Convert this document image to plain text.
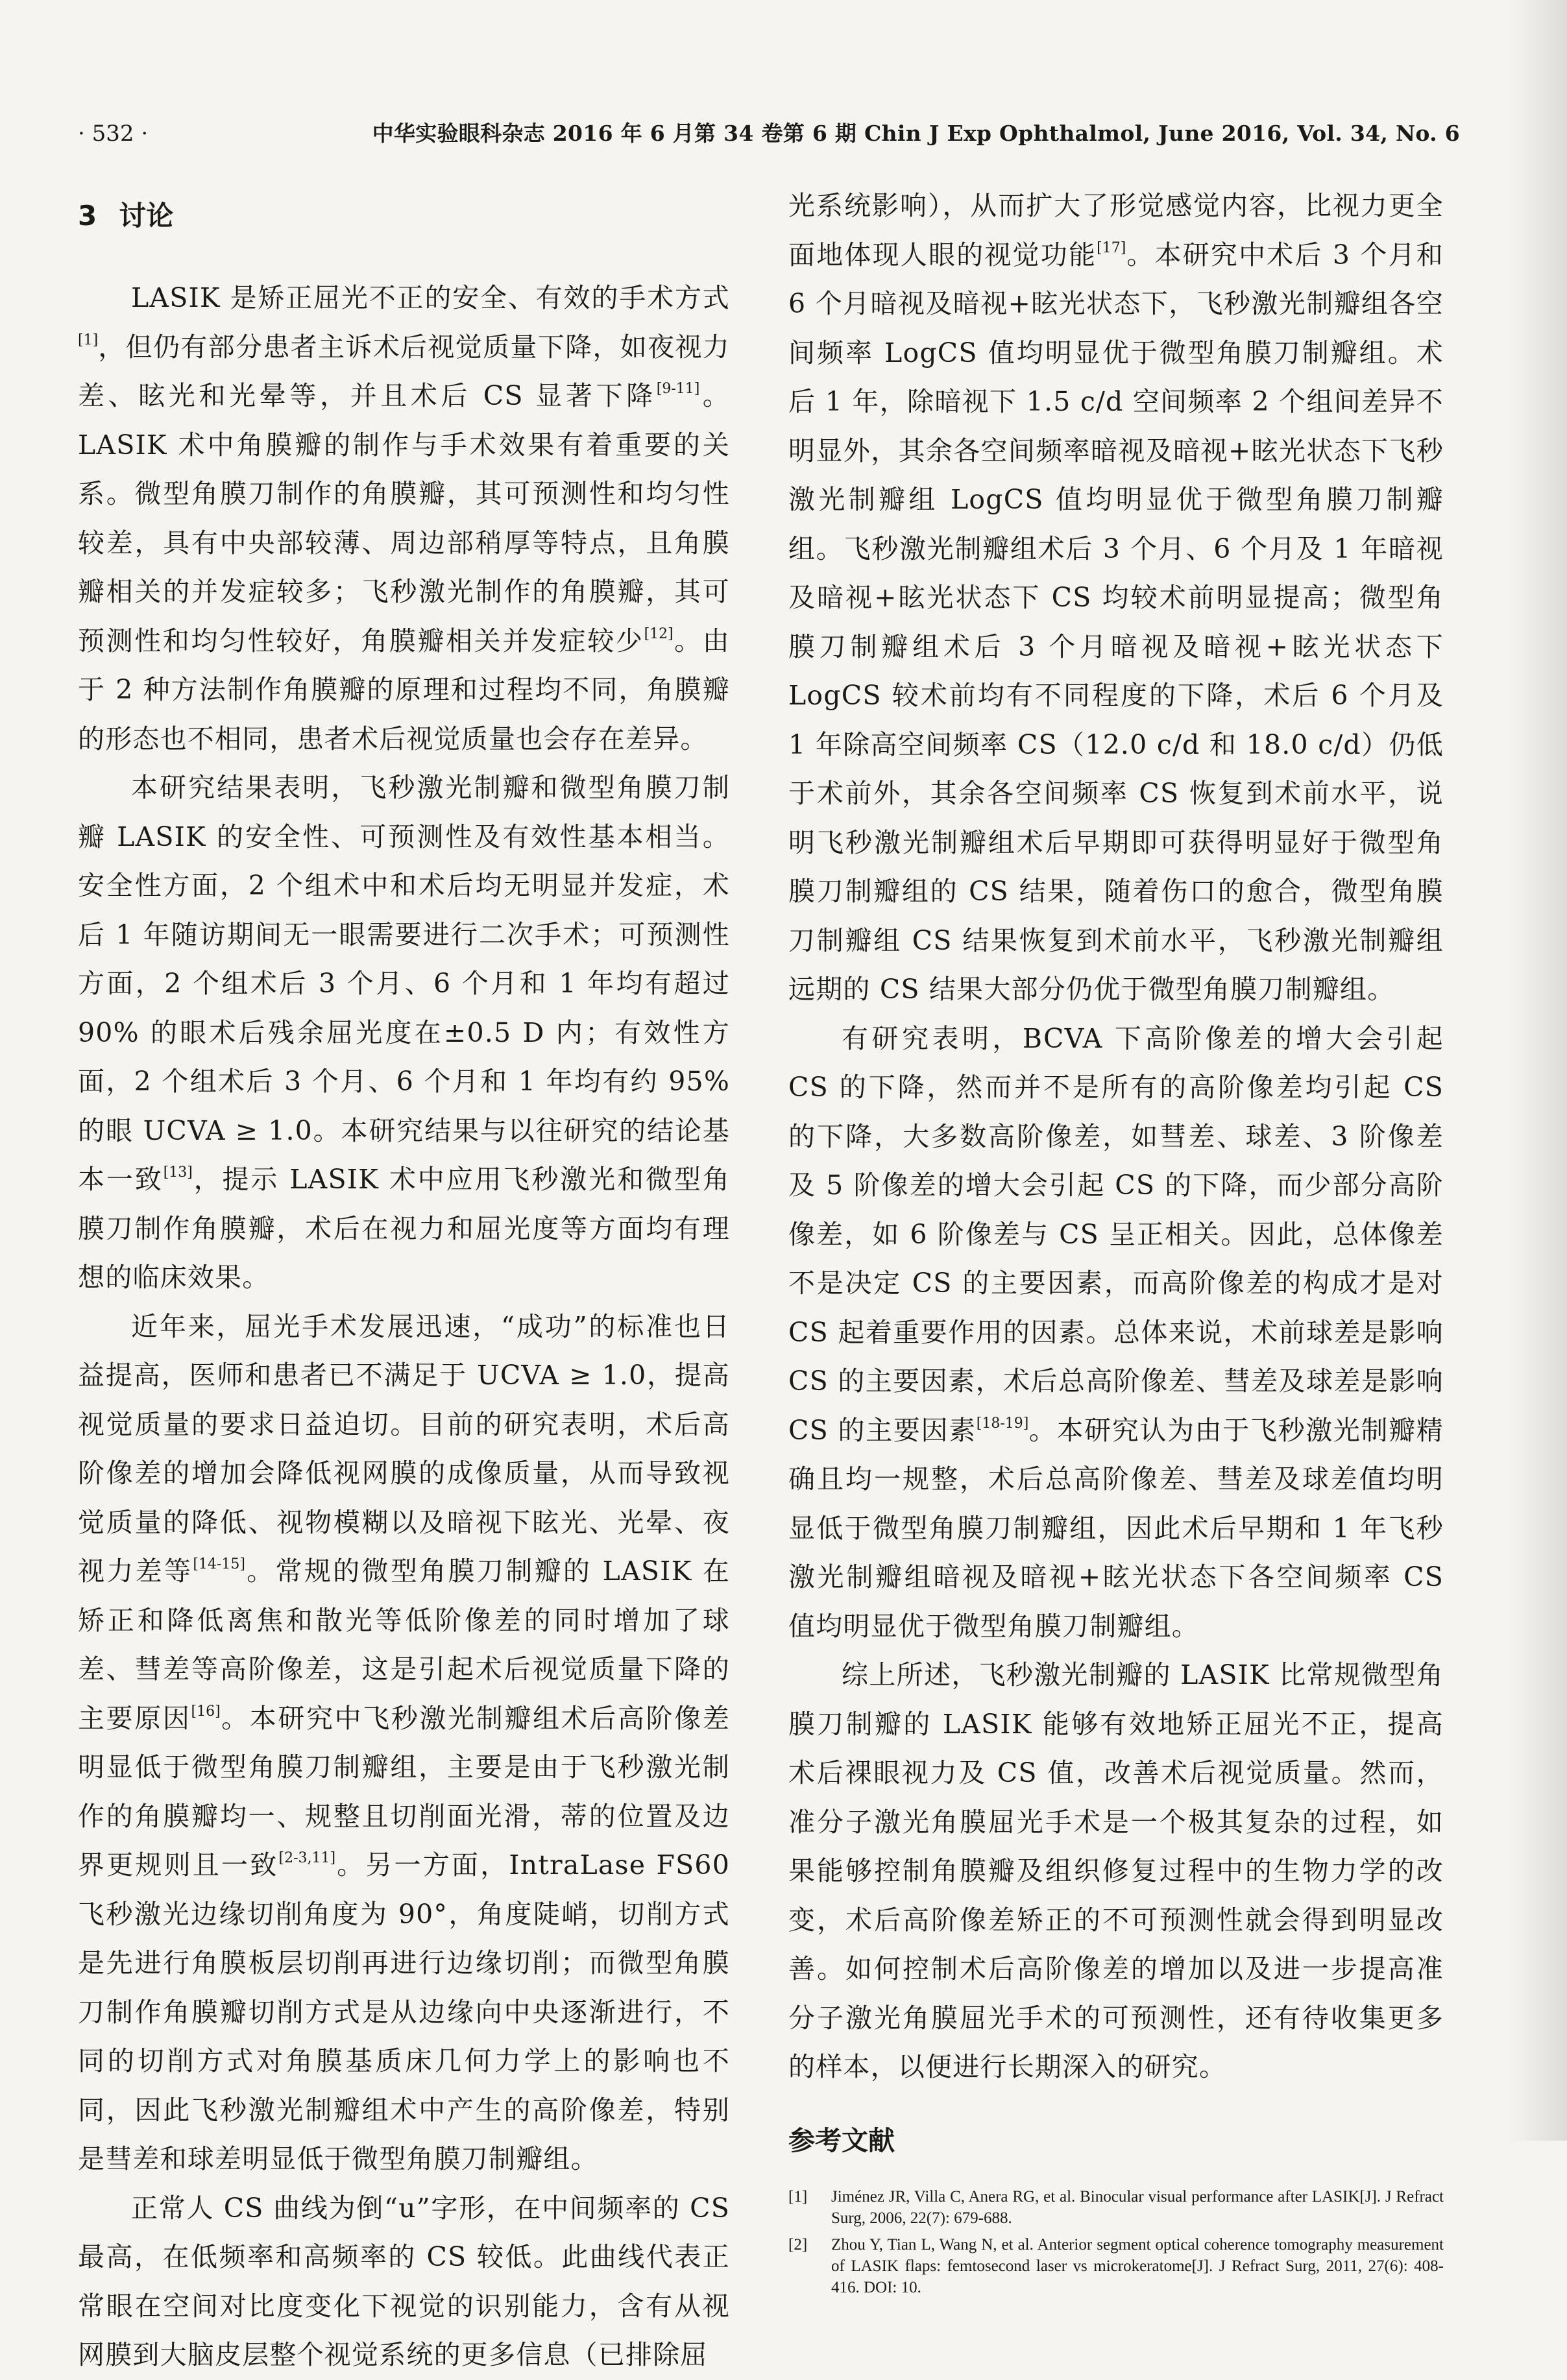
· 532 ·	中华实验眼科杂志 2016 年 6 月第 34 卷第 6 期 Chin J Exp Ophthalmol, June 2016, Vol. 34, No. 6
3 讨论

LASIK 是矫正屈光不正的安全、有效的手术方式[1]，但仍有部分患者主诉术后视觉质量下降，如夜视力差、眩光和光晕等，并且术后 CS 显著下降[9-11]。LASIK 术中角膜瓣的制作与手术效果有着重要的关系。微型角膜刀制作的角膜瓣，其可预测性和均匀性较差，具有中央部较薄、周边部稍厚等特点，且角膜瓣相关的并发症较多；飞秒激光制作的角膜瓣，其可预测性和均匀性较好，角膜瓣相关并发症较少[12]。由于 2 种方法制作角膜瓣的原理和过程均不同，角膜瓣的形态也不相同，患者术后视觉质量也会存在差异。

本研究结果表明，飞秒激光制瓣和微型角膜刀制瓣 LASIK 的安全性、可预测性及有效性基本相当。安全性方面，2 个组术中和术后均无明显并发症，术后 1 年随访期间无一眼需要进行二次手术；可预测性方面，2 个组术后 3 个月、6 个月和 1 年均有超过 90% 的眼术后残余屈光度在±0.5 D 内；有效性方面，2 个组术后 3 个月、6 个月和 1 年均有约 95% 的眼 UCVA ≥ 1.0。本研究结果与以往研究的结论基本一致[13]，提示 LASIK 术中应用飞秒激光和微型角膜刀制作角膜瓣，术后在视力和屈光度等方面均有理想的临床效果。

近年来，屈光手术发展迅速，“成功”的标准也日益提高，医师和患者已不满足于 UCVA ≥ 1.0，提高视觉质量的要求日益迫切。目前的研究表明，术后高阶像差的增加会降低视网膜的成像质量，从而导致视觉质量的降低、视物模糊以及暗视下眩光、光晕、夜视力差等[14-15]。常规的微型角膜刀制瓣的 LASIK 在矫正和降低离焦和散光等低阶像差的同时增加了球差、彗差等高阶像差，这是引起术后视觉质量下降的主要原因[16]。本研究中飞秒激光制瓣组术后高阶像差明显低于微型角膜刀制瓣组，主要是由于飞秒激光制作的角膜瓣均一、规整且切削面光滑，蒂的位置及边界更规则且一致[2-3,11]。另一方面，IntraLase FS60 飞秒激光边缘切削角度为 90°，角度陡峭，切削方式是先进行角膜板层切削再进行边缘切削；而微型角膜刀制作角膜瓣切削方式是从边缘向中央逐渐进行，不同的切削方式对角膜基质床几何力学上的影响也不同，因此飞秒激光制瓣组术中产生的高阶像差，特别是彗差和球差明显低于微型角膜刀制瓣组。

正常人 CS 曲线为倒“u”字形，在中间频率的 CS 最高，在低频率和高频率的 CS 较低。此曲线代表正常眼在空间对比度变化下视觉的识别能力，含有从视网膜到大脑皮层整个视觉系统的更多信息（已排除屈

光系统影响），从而扩大了形觉感觉内容，比视力更全面地体现人眼的视觉功能[17]。本研究中术后 3 个月和 6 个月暗视及暗视+眩光状态下，飞秒激光制瓣组各空间频率 LogCS 值均明显优于微型角膜刀制瓣组。术后 1 年，除暗视下 1.5 c/d 空间频率 2 个组间差异不明显外，其余各空间频率暗视及暗视+眩光状态下飞秒激光制瓣组 LogCS 值均明显优于微型角膜刀制瓣组。飞秒激光制瓣组术后 3 个月、6 个月及 1 年暗视及暗视+眩光状态下 CS 均较术前明显提高；微型角膜刀制瓣组术后 3 个月暗视及暗视+眩光状态下 LogCS 较术前均有不同程度的下降，术后 6 个月及 1 年除高空间频率 CS（12.0 c/d 和 18.0 c/d）仍低于术前外，其余各空间频率 CS 恢复到术前水平，说明飞秒激光制瓣组术后早期即可获得明显好于微型角膜刀制瓣组的 CS 结果，随着伤口的愈合，微型角膜刀制瓣组 CS 结果恢复到术前水平，飞秒激光制瓣组远期的 CS 结果大部分仍优于微型角膜刀制瓣组。

有研究表明，BCVA 下高阶像差的增大会引起 CS 的下降，然而并不是所有的高阶像差均引起 CS 的下降，大多数高阶像差，如彗差、球差、3 阶像差及 5 阶像差的增大会引起 CS 的下降，而少部分高阶像差，如 6 阶像差与 CS 呈正相关。因此，总体像差不是决定 CS 的主要因素，而高阶像差的构成才是对 CS 起着重要作用的因素。总体来说，术前球差是影响 CS 的主要因素，术后总高阶像差、彗差及球差是影响 CS 的主要因素[18-19]。本研究认为由于飞秒激光制瓣精确且均一规整，术后总高阶像差、彗差及球差值均明显低于微型角膜刀制瓣组，因此术后早期和 1 年飞秒激光制瓣组暗视及暗视+眩光状态下各空间频率 CS 值均明显优于微型角膜刀制瓣组。

综上所述，飞秒激光制瓣的 LASIK 比常规微型角膜刀制瓣的 LASIK 能够有效地矫正屈光不正，提高术后裸眼视力及 CS 值，改善术后视觉质量。然而，准分子激光角膜屈光手术是一个极其复杂的过程，如果能够控制角膜瓣及组织修复过程中的生物力学的改变，术后高阶像差矫正的不可预测性就会得到明显改善。如何控制术后高阶像差的增加以及进一步提高准分子激光角膜屈光手术的可预测性，还有待收集更多的样本，以便进行长期深入的研究。

参考文献
[1]	Jiménez JR, Villa C, Anera RG, et al. Binocular visual performance after LASIK[J]. J Refract Surg, 2006, 22(7): 679-688.
[2]	Zhou Y, Tian L, Wang N, et al. Anterior segment optical coherence tomography measurement of LASIK flaps: femtosecond laser vs microkeratome[J]. J Refract Surg, 2011, 27(6): 408-416. DOI: 10.
